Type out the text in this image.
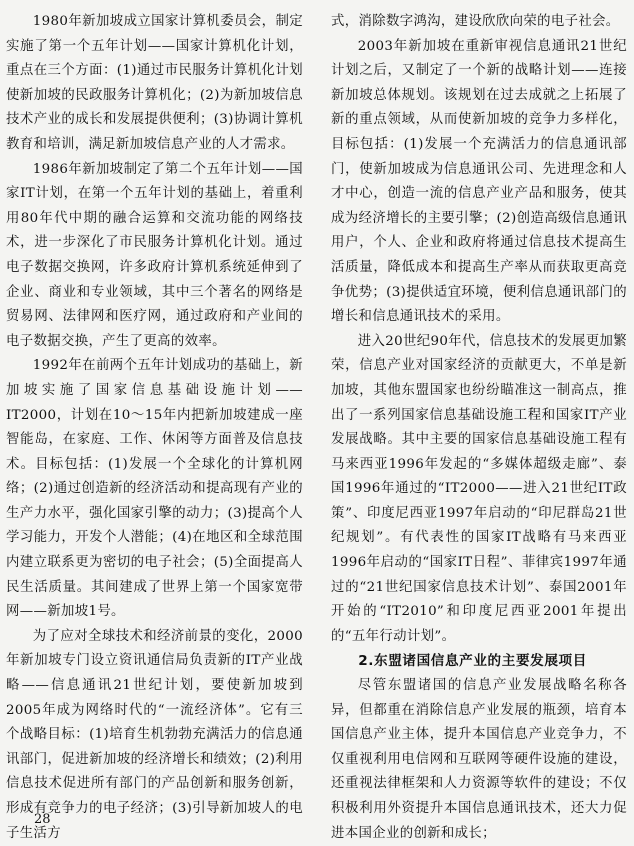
1980年新加坡成立国家计算机委员会，制定实施了第一个五年计划——国家计算机化计划，重点在三个方面：(1)通过市民服务计算机化计划使新加坡的民政服务计算机化；(2)为新加坡信息技术产业的成长和发展提供便利；(3)协调计算机教育和培训，满足新加坡信息产业的人才需求。

1986年新加坡制定了第二个五年计划——国家IT计划，在第一个五年计划的基础上，着重利用80年代中期的融合运算和交流功能的网络技术，进一步深化了市民服务计算机化计划。通过电子数据交换网，许多政府计算机系统延伸到了企业、商业和专业领域，其中三个著名的网络是贸易网、法律网和医疗网，通过政府和产业间的电子数据交换，产生了更高的效率。

1992年在前两个五年计划成功的基础上，新加坡实施了国家信息基础设施计划——IT2000，计划在10～15年内把新加坡建成一座智能岛，在家庭、工作、休闲等方面普及信息技术。目标包括：(1)发展一个全球化的计算机网络；(2)通过创造新的经济活动和提高现有产业的生产力水平，强化国家引擎的动力；(3)提高个人学习能力，开发个人潜能；(4)在地区和全球范围内建立联系更为密切的电子社会；(5)全面提高人民生活质量。其间建成了世界上第一个国家宽带网——新加坡1号。

为了应对全球技术和经济前景的变化，2000年新加坡专门设立资讯通信局负责新的IT产业战略——信息通讯21世纪计划，要使新加坡到2005年成为网络时代的“一流经济体”。它有三个战略目标：(1)培育生机勃勃充满活力的信息通讯部门，促进新加坡的经济增长和绩效；(2)利用信息技术促进所有部门的产品创新和服务创新，形成有竞争力的电子经济；(3)引导新加坡人的电子生活方

式，消除数字鸿沟，建设欣欣向荣的电子社会。

2003年新加坡在重新审视信息通讯21世纪计划之后，又制定了一个新的战略计划——连接新加坡总体规划。该规划在过去成就之上拓展了新的重点领域，从而使新加坡的竞争力多样化，目标包括：(1)发展一个充满活力的信息通讯部门，使新加坡成为信息通讯公司、先进理念和人才中心，创造一流的信息产业产品和服务，使其成为经济增长的主要引擎；(2)创造高级信息通讯用户，个人、企业和政府将通过信息技术提高生活质量，降低成本和提高生产率从而获取更高竞争优势；(3)提供适宜环境，便利信息通讯部门的增长和信息通讯技术的采用。

进入20世纪90年代，信息技术的发展更加繁荣，信息产业对国家经济的贡献更大，不单是新加坡，其他东盟国家也纷纷瞄准这一制高点，推出了一系列国家信息基础设施工程和国家IT产业发展战略。其中主要的国家信息基础设施工程有马来西亚1996年发起的“多媒体超级走廊”、泰国1996年通过的“IT2000——进入21世纪IT政策”、印度尼西亚1997年启动的“印尼群岛21世纪规划”。有代表性的国家IT战略有马来西亚1996年启动的“国家IT日程”、菲律宾1997年通过的“21世纪国家信息技术计划”、泰国2001年开始的“IT2010”和印度尼西亚2001年提出的“五年行动计划”。

2.东盟诸国信息产业的主要发展项目

尽管东盟诸国的信息产业发展战略名称各异，但都重在消除信息产业发展的瓶颈，培育本国信息产业主体，提升本国信息产业竞争力，不仅重视利用电信网和互联网等硬件设施的建设，还重视法律框架和人力资源等软件的建设；不仅积极利用外资提升本国信息通讯技术，还大力促进本国企业的创新和成长；

28
